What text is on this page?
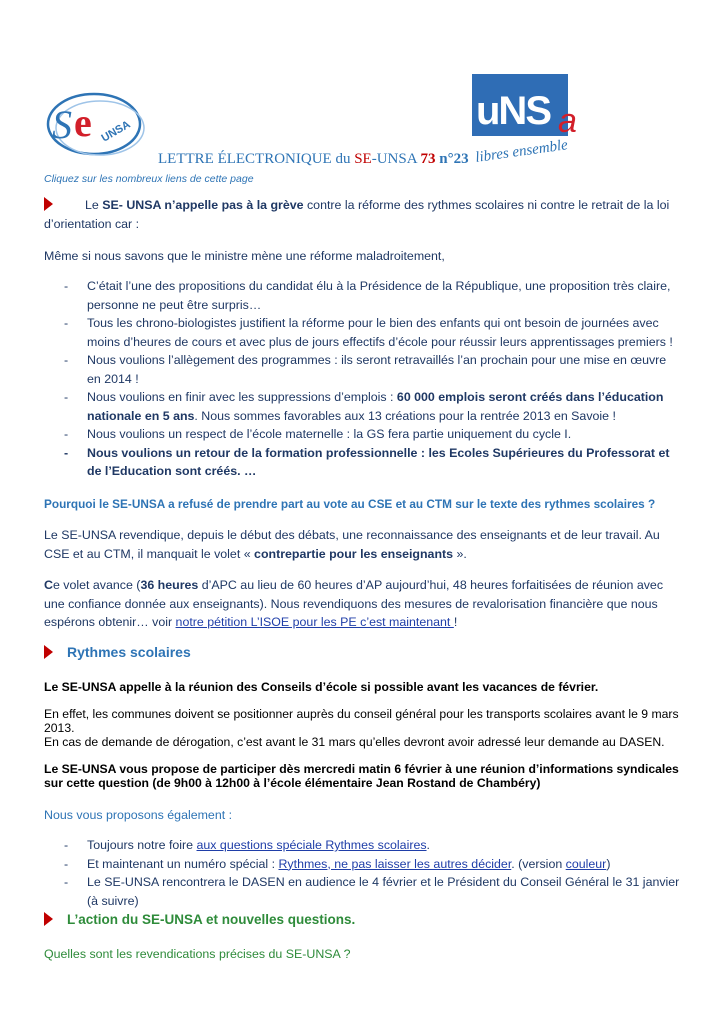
S e UNSA	uNS a
libres ensemble
LETTRE ÉLECTRONIQUE du SE-UNSA 73 n°23
Cliquez sur les nombreux liens de cette page

Le SE- UNSA n’appelle pas à la grève contre la réforme des rythmes scolaires ni contre le retrait de la loi d’orientation car :

Même si nous savons que le ministre mène une réforme maladroitement,
- C’était l’une des propositions du candidat élu à la Présidence de la République, une proposition très claire, personne ne peut être surpris…
- Tous les chrono-biologistes justifient la réforme pour le bien des enfants qui ont besoin de journées avec moins d’heures de cours et avec plus de jours effectifs d’école pour réussir leurs apprentissages premiers !
- Nous voulions l’allègement des programmes : ils seront retravaillés l’an prochain pour une mise en œuvre en 2014 !
- Nous voulions en finir avec les suppressions d’emplois : 60 000 emplois seront créés dans l’éducation nationale en 5 ans. Nous sommes favorables aux 13 créations pour la rentrée 2013 en Savoie !
- Nous voulions un respect de l’école maternelle : la GS fera partie uniquement du cycle I.
- Nous voulions un retour de la formation professionnelle : les Ecoles Supérieures du Professorat et de l’Education sont créés. …
Pourquoi le SE-UNSA a refusé de prendre part au vote au CSE et au CTM sur le texte des rythmes scolaires ?
Le SE-UNSA revendique, depuis le début des débats, une reconnaissance des enseignants et de leur travail. Au CSE et au CTM, il manquait le volet « contrepartie pour les enseignants ».
Ce volet avance (36 heures d’APC au lieu de 60 heures d’AP aujourd’hui, 48 heures forfaitisées de réunion avec une confiance donnée aux enseignants). Nous revendiquons des mesures de revalorisation financière que nous espérons obtenir… voir notre pétition L’ISOE pour les PE c’est maintenant !
Rythmes scolaires
Le SE-UNSA appelle à la réunion des Conseils d’école si possible avant les vacances de février.
En effet, les communes doivent se positionner auprès du conseil général pour les transports scolaires avant le 9 mars 2013.
En cas de demande de dérogation, c’est avant le 31 mars qu’elles devront avoir adressé leur demande au DASEN.
Le SE-UNSA vous propose de participer dès mercredi matin 6 février à une réunion d’informations syndicales sur cette question (de 9h00 à 12h00 à l’école élémentaire Jean Rostand de Chambéry)
Nous vous proposons également :
- Toujours notre foire aux questions spéciale Rythmes scolaires.
- Et maintenant un numéro spécial : Rythmes, ne pas laisser les autres décider. (version couleur)
- Le SE-UNSA rencontrera le DASEN en audience le 4 février et le Président du Conseil Général le 31 janvier (à suivre)
L’action du SE-UNSA et nouvelles questions.
Quelles sont les revendications précises du SE-UNSA ?
